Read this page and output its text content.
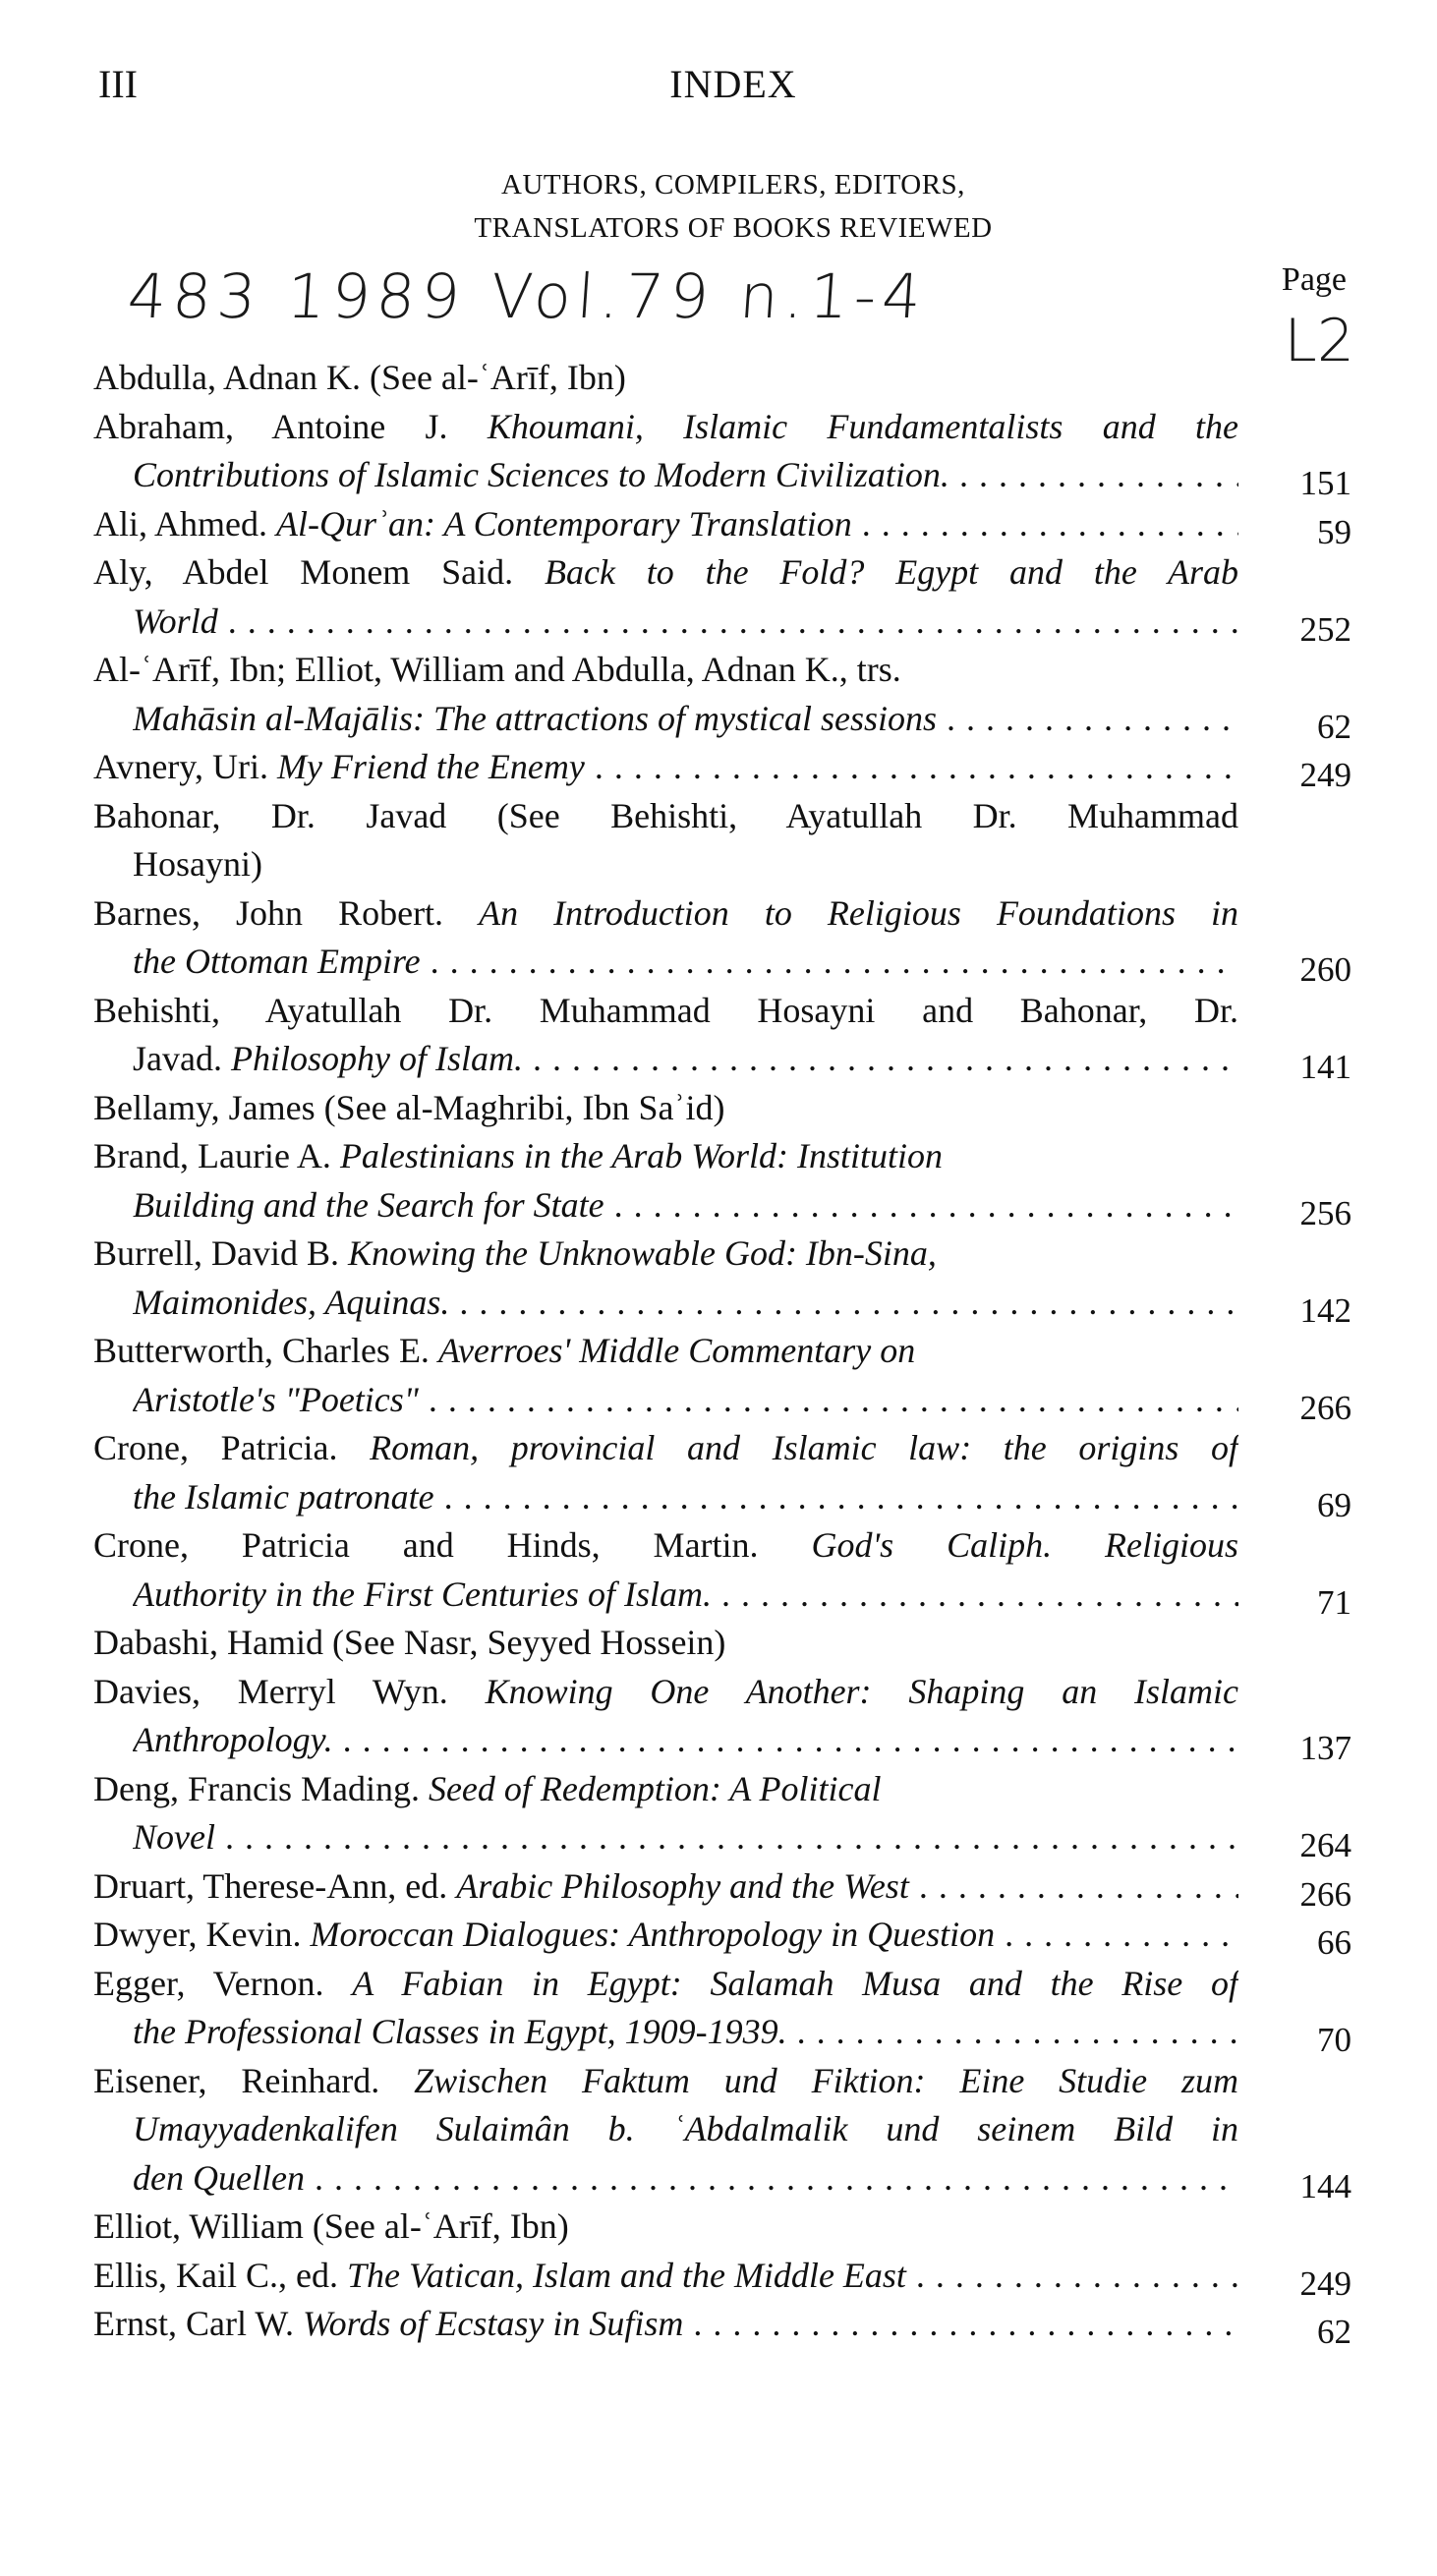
III	INDEX
AUTHORS, COMPILERS, EDITORS,
TRANSLATORS OF BOOKS REVIEWED
483 1989 Vol.79 n.1-4	Page
L2
Abdulla, Adnan K. (See al-ʿArīf, Ibn)
Abraham, Antoine J. Khoumani, Islamic Fundamentalists and the
Contributions of Islamic Sciences to Modern Civilization. . . .	151
Ali, Ahmed. Al-Qurʾan: A Contemporary Translation . . .	59
Aly, Abdel Monem Said. Back to the Fold? Egypt and the Arab
World . . .	252
Al-ʿArīf, Ibn; Elliot, William and Abdulla, Adnan K., trs.
Mahāsin al-Majālis: The attractions of mystical sessions . . .	62
Avnery, Uri. My Friend the Enemy . . .	249
Bahonar, Dr. Javad (See Behishti, Ayatullah Dr. Muhammad
Hosayni)
Barnes, John Robert. An Introduction to Religious Foundations in
the Ottoman Empire . . .	260
Behishti, Ayatullah Dr. Muhammad Hosayni and Bahonar, Dr.
Javad. Philosophy of Islam. . . .	141
Bellamy, James (See al-Maghribi, Ibn Saʾid)
Brand, Laurie A. Palestinians in the Arab World: Institution
Building and the Search for State . . .	256
Burrell, David B. Knowing the Unknowable God: Ibn-Sina,
Maimonides, Aquinas. . . .	142
Butterworth, Charles E. Averroes' Middle Commentary on
Aristotle's "Poetics" . . .	266
Crone, Patricia. Roman, provincial and Islamic law: the origins of
the Islamic patronate . . .	69
Crone, Patricia and Hinds, Martin. God's Caliph. Religious
Authority in the First Centuries of Islam. . . .	71
Dabashi, Hamid (See Nasr, Seyyed Hossein)
Davies, Merryl Wyn. Knowing One Another: Shaping an Islamic
Anthropology. . . .	137
Deng, Francis Mading. Seed of Redemption: A Political
Novel . . .	264
Druart, Therese-Ann, ed. Arabic Philosophy and the West . . .	266
Dwyer, Kevin. Moroccan Dialogues: Anthropology in Question . . .	66
Egger, Vernon. A Fabian in Egypt: Salamah Musa and the Rise of
the Professional Classes in Egypt, 1909-1939. . . .	70
Eisener, Reinhard. Zwischen Faktum und Fiktion: Eine Studie zum
Umayyadenkalifen Sulaimân b. ʿAbdalmalik und seinem Bild in
den Quellen . . .	144
Elliot, William (See al-ʿArīf, Ibn)
Ellis, Kail C., ed. The Vatican, Islam and the Middle East . . .	249
Ernst, Carl W. Words of Ecstasy in Sufism . . .	62
